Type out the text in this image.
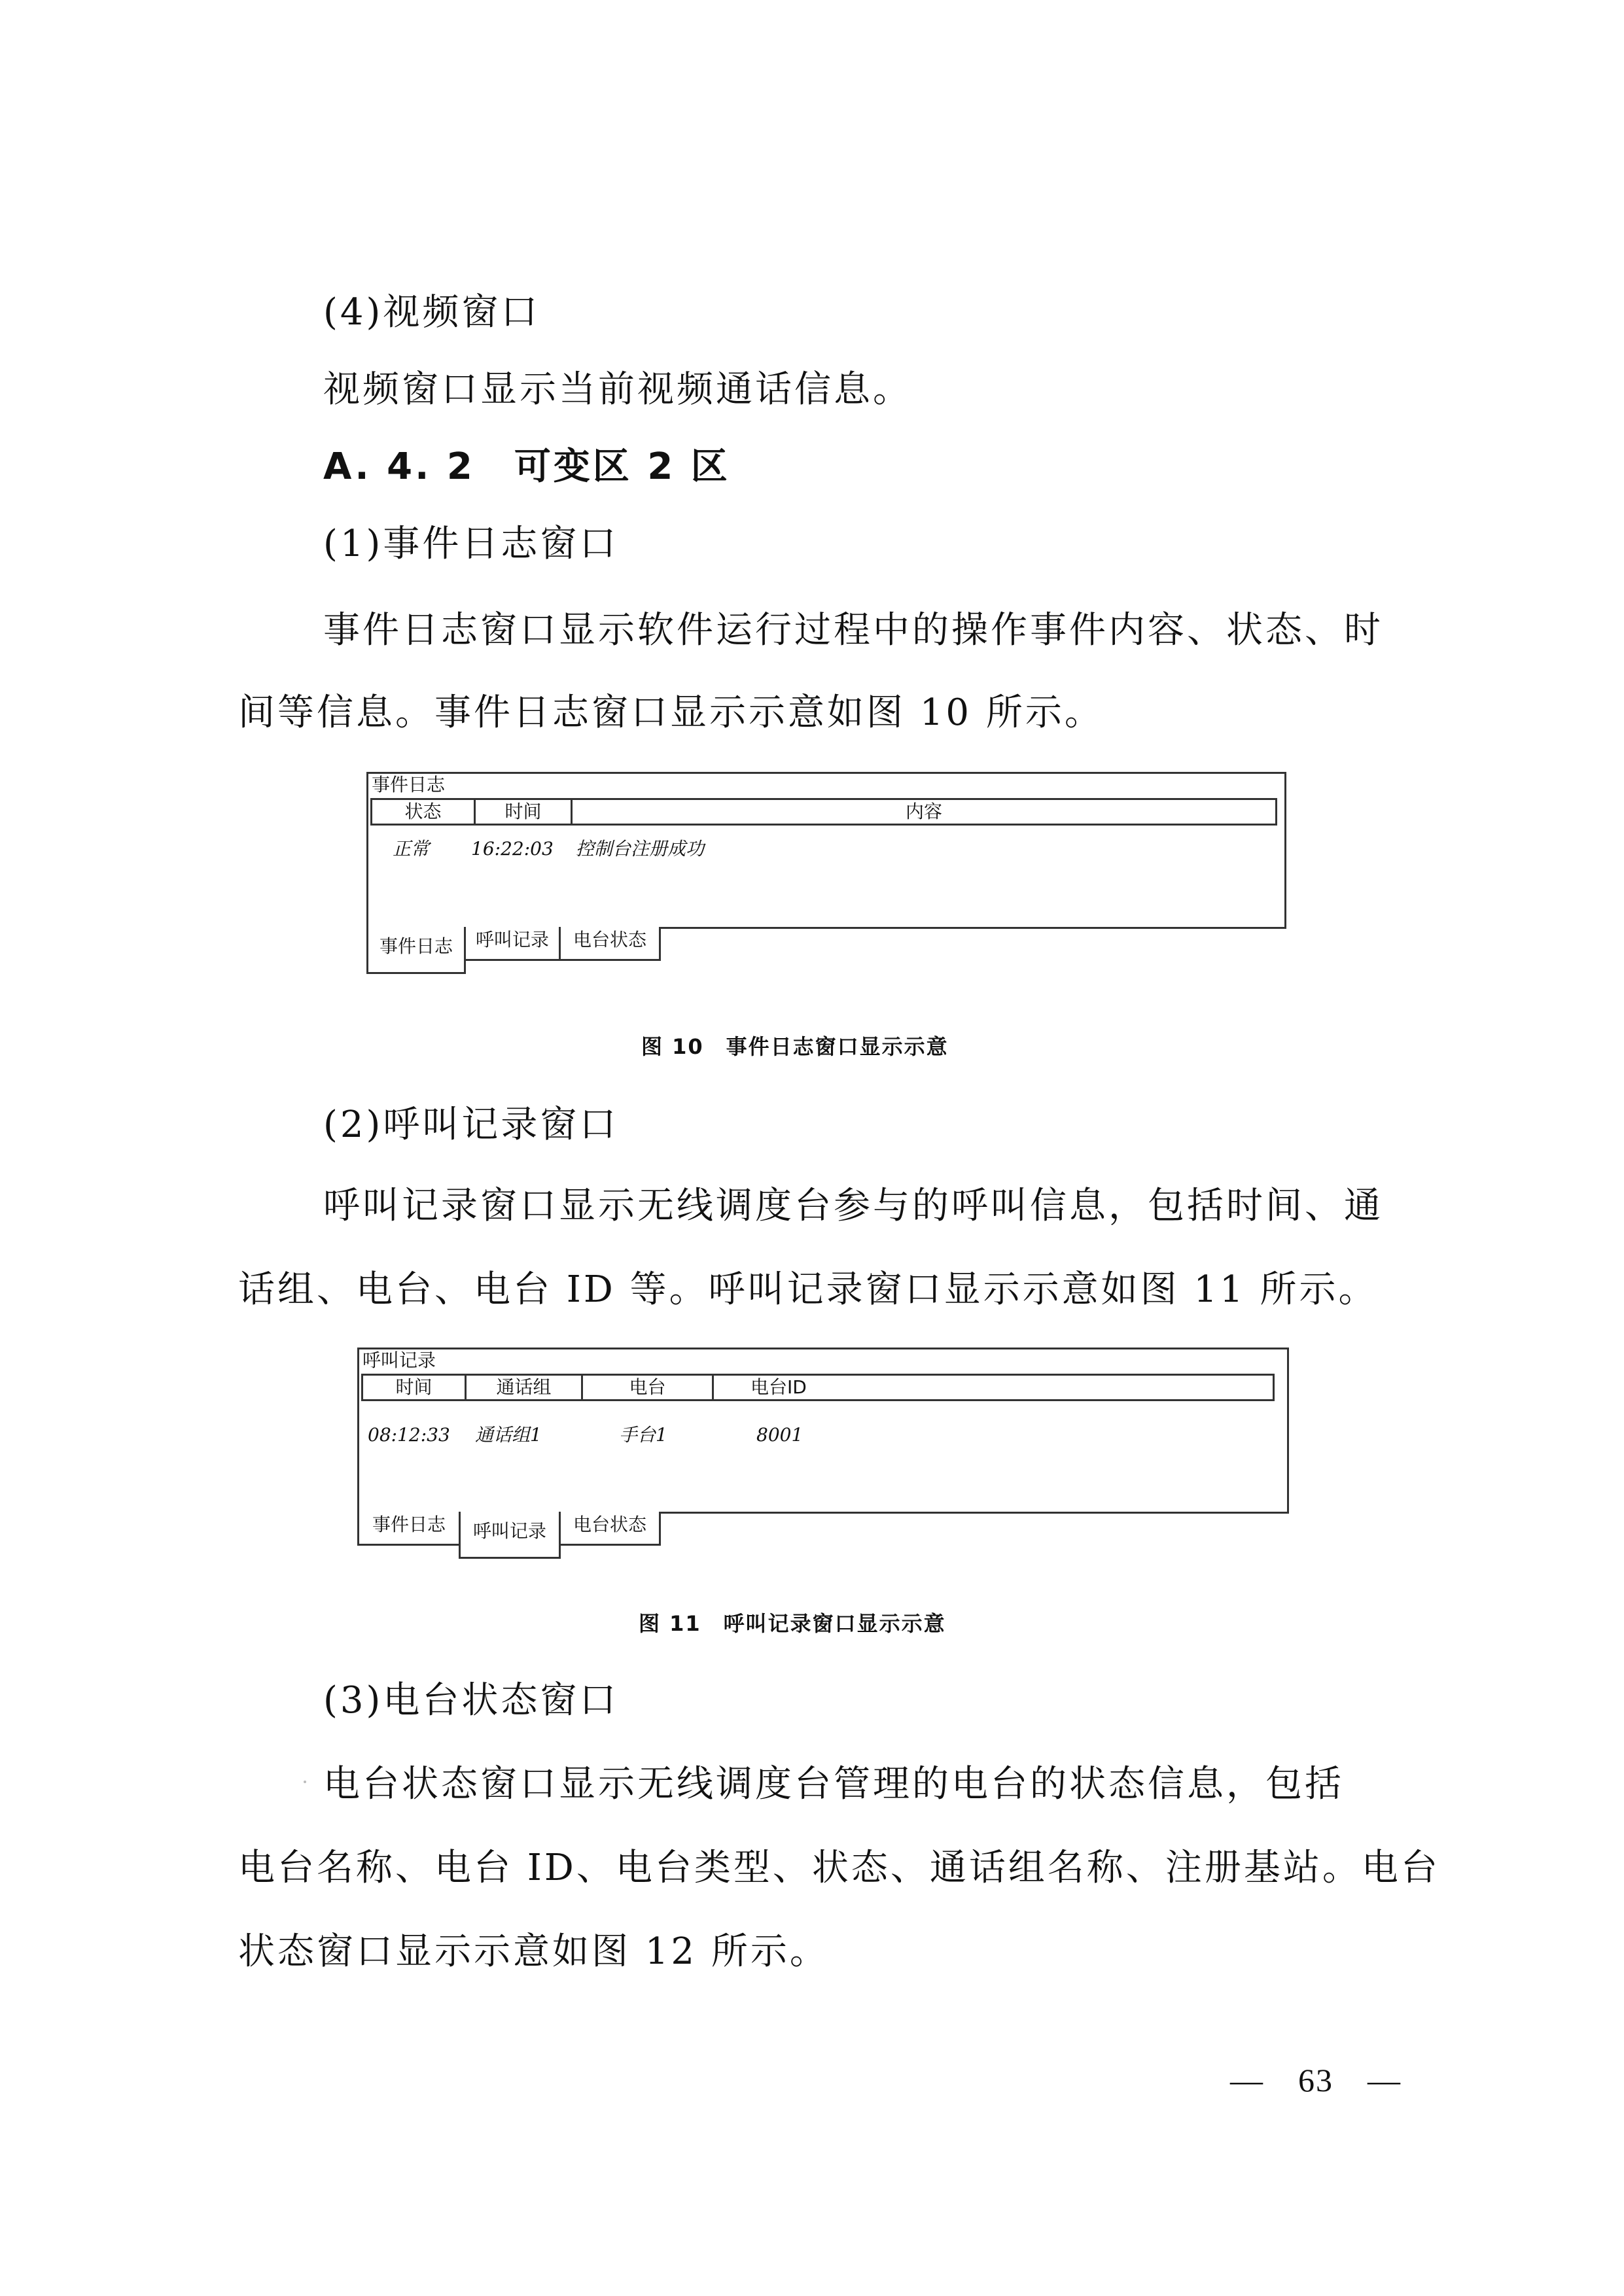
(4)视频窗口
视频窗口显示当前视频通话信息。
A. 4. 2　可变区 2 区
(1)事件日志窗口
事件日志窗口显示软件运行过程中的操作事件内容、状态、时
间等信息。事件日志窗口显示示意如图 10 所示。
事件日志
状态	时间	内容
正常 16:22:03 控制台注册成功
事件日志	呼叫记录	电台状态
图 10　事件日志窗口显示示意
(2)呼叫记录窗口
呼叫记录窗口显示无线调度台参与的呼叫信息，包括时间、通
话组、电台、电台 ID 等。呼叫记录窗口显示示意如图 11 所示。
呼叫记录
时间	通话组	电台	电台ID
08:12:33 通话组1	手台1	8001
事件日志	呼叫记录	电台状态
图 11　呼叫记录窗口显示示意
(3)电台状态窗口
电台状态窗口显示无线调度台管理的电台的状态信息，包括
电台名称、电台 ID、电台类型、状态、通话组名称、注册基站。电台
状态窗口显示示意如图 12 所示。
—　63　—
